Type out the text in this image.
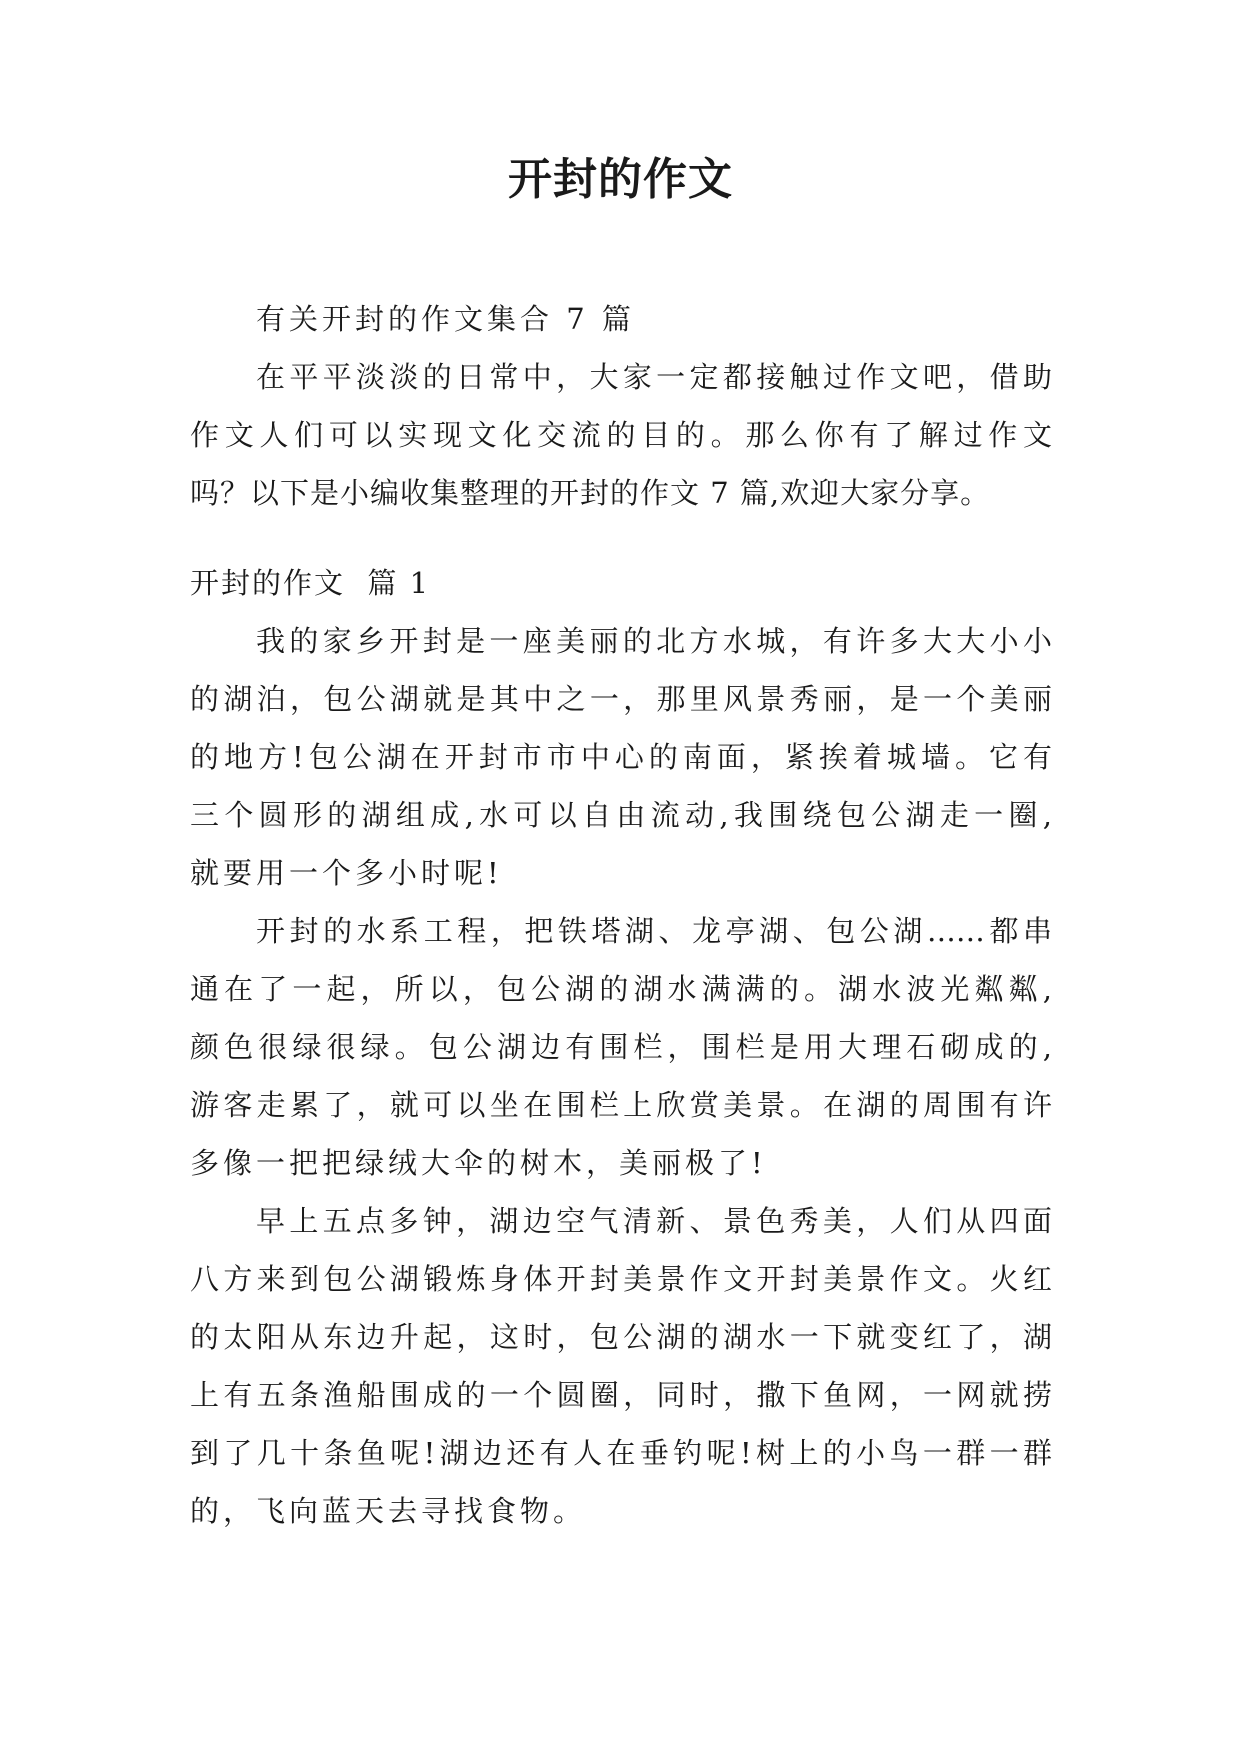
开封的作文

有关开封的作文集合 7 篇

在平平淡淡的日常中，大家一定都接触过作文吧，借助

作文人们可以实现文化交流的目的。那么你有了解过作文

吗？以下是小编收集整理的开封的作文 7 篇,欢迎大家分享。

开封的作文  篇 1

我的家乡开封是一座美丽的北方水城，有许多大大小小

的湖泊，包公湖就是其中之一，那里风景秀丽，是一个美丽

的地方!包公湖在开封市市中心的南面，紧挨着城墙。它有

三个圆形的湖组成,水可以自由流动,我围绕包公湖走一圈,

就要用一个多小时呢!

开封的水系工程，把铁塔湖、龙亭湖、包公湖……都串

通在了一起，所以，包公湖的湖水满满的。湖水波光粼粼,

颜色很绿很绿。包公湖边有围栏，围栏是用大理石砌成的,

游客走累了，就可以坐在围栏上欣赏美景。在湖的周围有许

多像一把把绿绒大伞的树木，美丽极了!

早上五点多钟，湖边空气清新、景色秀美，人们从四面

八方来到包公湖锻炼身体开封美景作文开封美景作文。火红

的太阳从东边升起，这时，包公湖的湖水一下就变红了，湖

上有五条渔船围成的一个圆圈，同时，撒下鱼网，一网就捞

到了几十条鱼呢!湖边还有人在垂钓呢!树上的小鸟一群一群

的，飞向蓝天去寻找食物。
